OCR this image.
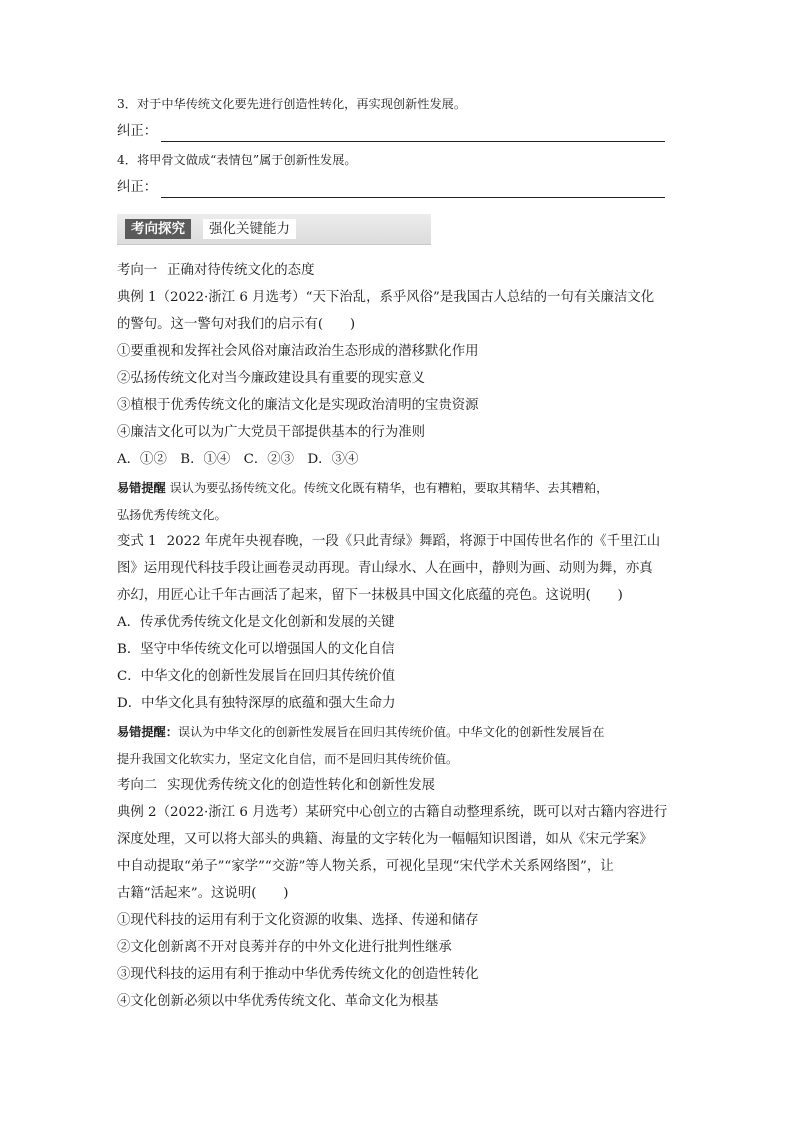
3．对于中华传统文化要先进行创造性转化，再实现创新性发展。
纠正：
4．将甲骨文做成“表情包”属于创新性发展。
纠正：
考向探究	强化关键能力
考向一 正确对待传统文化的态度
典例 1（2022·浙江 6 月选考）“天下治乱，系乎风俗”是我国古人总结的一句有关廉洁文化
的警句。这一警句对我们的启示有(　　)
①要重视和发挥社会风俗对廉洁政治生态形成的潜移默化作用
②弘扬传统文化对当今廉政建设具有重要的现实意义
③植根于优秀传统文化的廉洁文化是实现政治清明的宝贵资源
④廉洁文化可以为广大党员干部提供基本的行为准则
A．①②　B．①④　C．②③　D．③④
易错提醒 误认为要弘扬传统文化。传统文化既有精华，也有糟粕，要取其精华、去其糟粕，
弘扬优秀传统文化。
变式 1 2022 年虎年央视春晚，一段《只此青绿》舞蹈，将源于中国传世名作的《千里江山
图》运用现代科技手段让画卷灵动再现。青山绿水、人在画中，静则为画、动则为舞，亦真
亦幻，用匠心让千年古画活了起来，留下一抹极具中国文化底蕴的亮色。这说明(　　)
A．传承优秀传统文化是文化创新和发展的关键
B．坚守中华传统文化可以增强国人的文化自信
C．中华文化的创新性发展旨在回归其传统价值
D．中华文化具有独特深厚的底蕴和强大生命力
易错提醒：误认为中华文化的创新性发展旨在回归其传统价值。中华文化的创新性发展旨在
提升我国文化软实力，坚定文化自信，而不是回归其传统价值。
考向二 实现优秀传统文化的创造性转化和创新性发展
典例 2（2022·浙江 6 月选考）某研究中心创立的古籍自动整理系统，既可以对古籍内容进行
深度处理，又可以将大部头的典籍、海量的文字转化为一幅幅知识图谱，如从《宋元学案》
中自动提取“弟子”“家学”“交游”等人物关系，可视化呈现“宋代学术关系网络图”，让
古籍“活起来”。这说明(　　)
①现代科技的运用有利于文化资源的收集、选择、传递和储存
②文化创新离不开对良莠并存的中外文化进行批判性继承
③现代科技的运用有利于推动中华优秀传统文化的创造性转化
④文化创新必须以中华优秀传统文化、革命文化为根基
